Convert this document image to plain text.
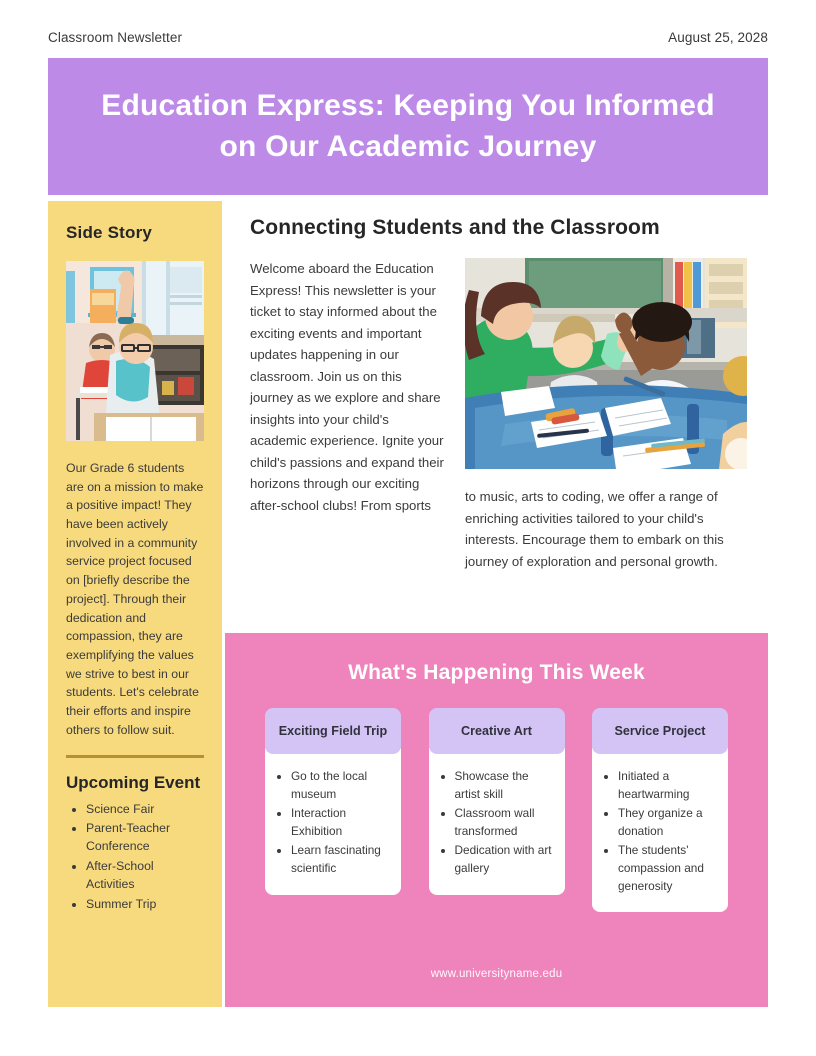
Classroom Newsletter	August 25, 2028
Education Express: Keeping You Informed on Our Academic Journey
Side Story

Our Grade 6 students are on a mission to make a positive impact! They have been actively involved in a community service project focused on [briefly describe the project]. Through their dedication and compassion, they are exemplifying the values we strive to best in our students. Let's celebrate their efforts and inspire others to follow suit.

Upcoming Event
• Science Fair
• Parent-Teacher Conference
• After-School Activities
• Summer Trip
Connecting Students and the Classroom
Welcome aboard the Education Express! This newsletter is your ticket to stay informed about the exciting events and important updates happening in our classroom. Join us on this journey as we explore and share insights into your child's academic experience. Ignite your child's passions and expand their horizons through our exciting after-school clubs! From sports

to music, arts to coding, we offer a range of enriching activities tailored to your child's interests. Encourage them to embark on this journey of exploration and personal growth.

What's Happening This Week
Exciting Field Trip
• Go to the local museum
• Interaction Exhibition
• Learn fascinating scientific
Creative Art
• Showcase the artist skill
• Classroom wall transformed
• Dedication with art gallery
Service Project
• Initiated a heartwarming
• They organize a donation
• The students' compassion and generosity
www.universityname.edu
